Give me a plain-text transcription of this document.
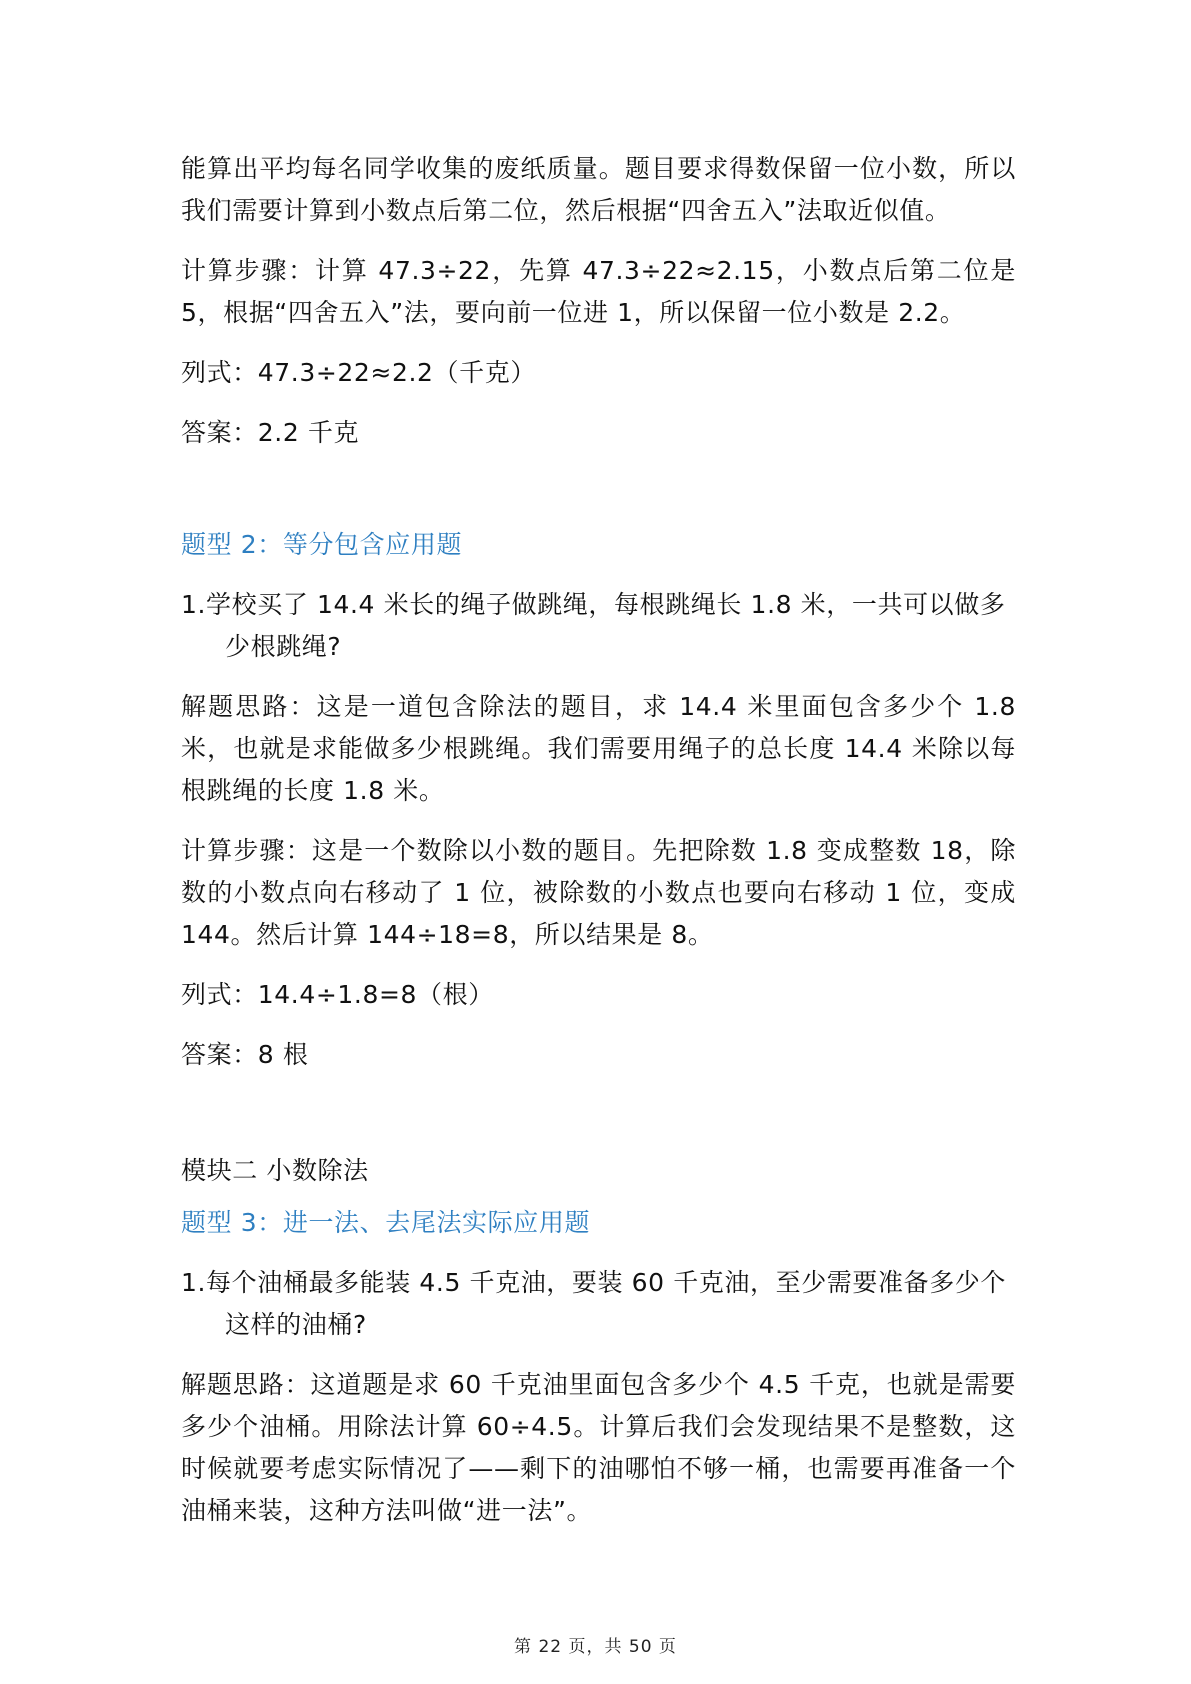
能算出平均每名同学收集的废纸质量。题目要求得数保留一位小数，所以我们需要计算到小数点后第二位，然后根据“四舍五入”法取近似值。

计算步骤：计算 47.3÷22，先算 47.3÷22≈2.15，小数点后第二位是 5，根据“四舍五入”法，要向前一位进 1，所以保留一位小数是 2.2。

列式：47.3÷22≈2.2（千克）

答案：2.2 千克

题型 2：等分包含应用题

1.学校买了 14.4 米长的绳子做跳绳，每根跳绳长 1.8 米，一共可以做多少根跳绳?

解题思路：这是一道包含除法的题目，求 14.4 米里面包含多少个 1.8 米，也就是求能做多少根跳绳。我们需要用绳子的总长度 14.4 米除以每根跳绳的长度 1.8 米。

计算步骤：这是一个数除以小数的题目。先把除数 1.8 变成整数 18，除数的小数点向右移动了 1 位，被除数的小数点也要向右移动 1 位，变成 144。然后计算 144÷18=8，所以结果是 8。

列式：14.4÷1.8=8（根）

答案：8 根

模块二 小数除法

题型 3：进一法、去尾法实际应用题

1.每个油桶最多能装 4.5 千克油，要装 60 千克油，至少需要准备多少个这样的油桶?

解题思路：这道题是求 60 千克油里面包含多少个 4.5 千克，也就是需要多少个油桶。用除法计算 60÷4.5。计算后我们会发现结果不是整数，这时候就要考虑实际情况了——剩下的油哪怕不够一桶，也需要再准备一个油桶来装，这种方法叫做“进一法”。

第 22 页，共 50 页
